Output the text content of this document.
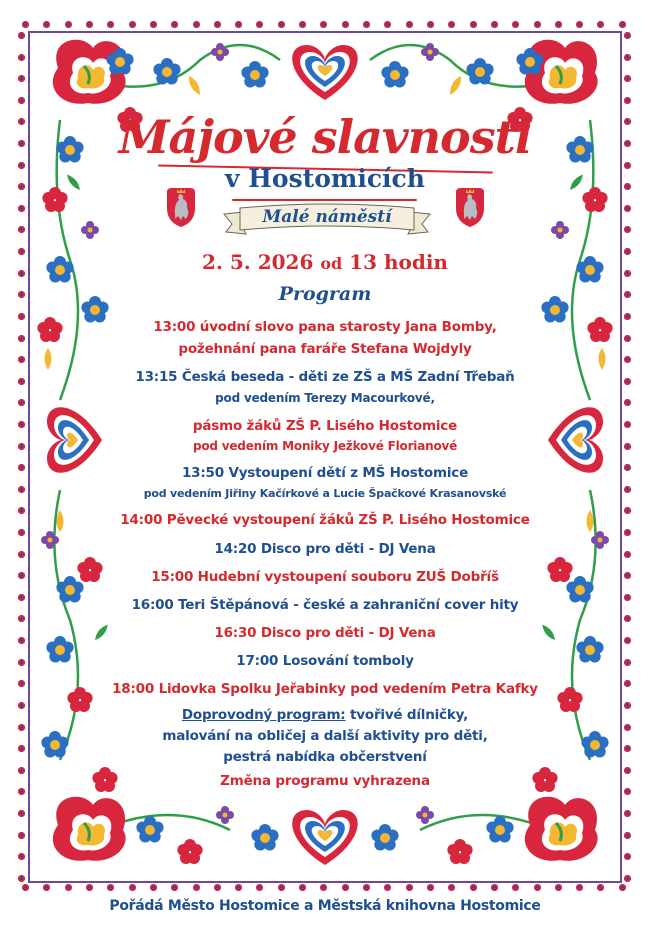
Májové slavnosti
v Hostomicích
Malé náměstí
2. 5. 2026 od 13 hodin
Program
13:00 úvodní slovo pana starosty Jana Bomby,
požehnání pana faráře Stefana Wojdyly
13:15 Česká beseda - děti ze ZŠ a MŠ Zadní Třebaň
pod vedením Terezy Macourkové,
pásmo žáků ZŠ P. Lisého Hostomice
pod vedením Moniky Ježkové Florianové
13:50 Vystoupení dětí z MŠ Hostomice
pod vedením Jiřiny Kačírkové a Lucie Špačkové Krasanovské
14:00 Pěvecké vystoupení žáků ZŠ P. Lisého Hostomice
14:20 Disco pro děti - DJ Vena
15:00 Hudební vystoupení souboru ZUŠ Dobříš
16:00 Teri Štěpánová - české a zahraniční cover hity
16:30 Disco pro děti - DJ Vena
17:00 Losování tomboly
18:00 Lidovka Spolku Jeřabinky pod vedením Petra Kafky
Doprovodný program: tvořivé dílničky,
malování na obličej a další aktivity pro děti,
pestrá nabídka občerstvení
Změna programu vyhrazena
Pořádá Město Hostomice a Městská knihovna Hostomice
